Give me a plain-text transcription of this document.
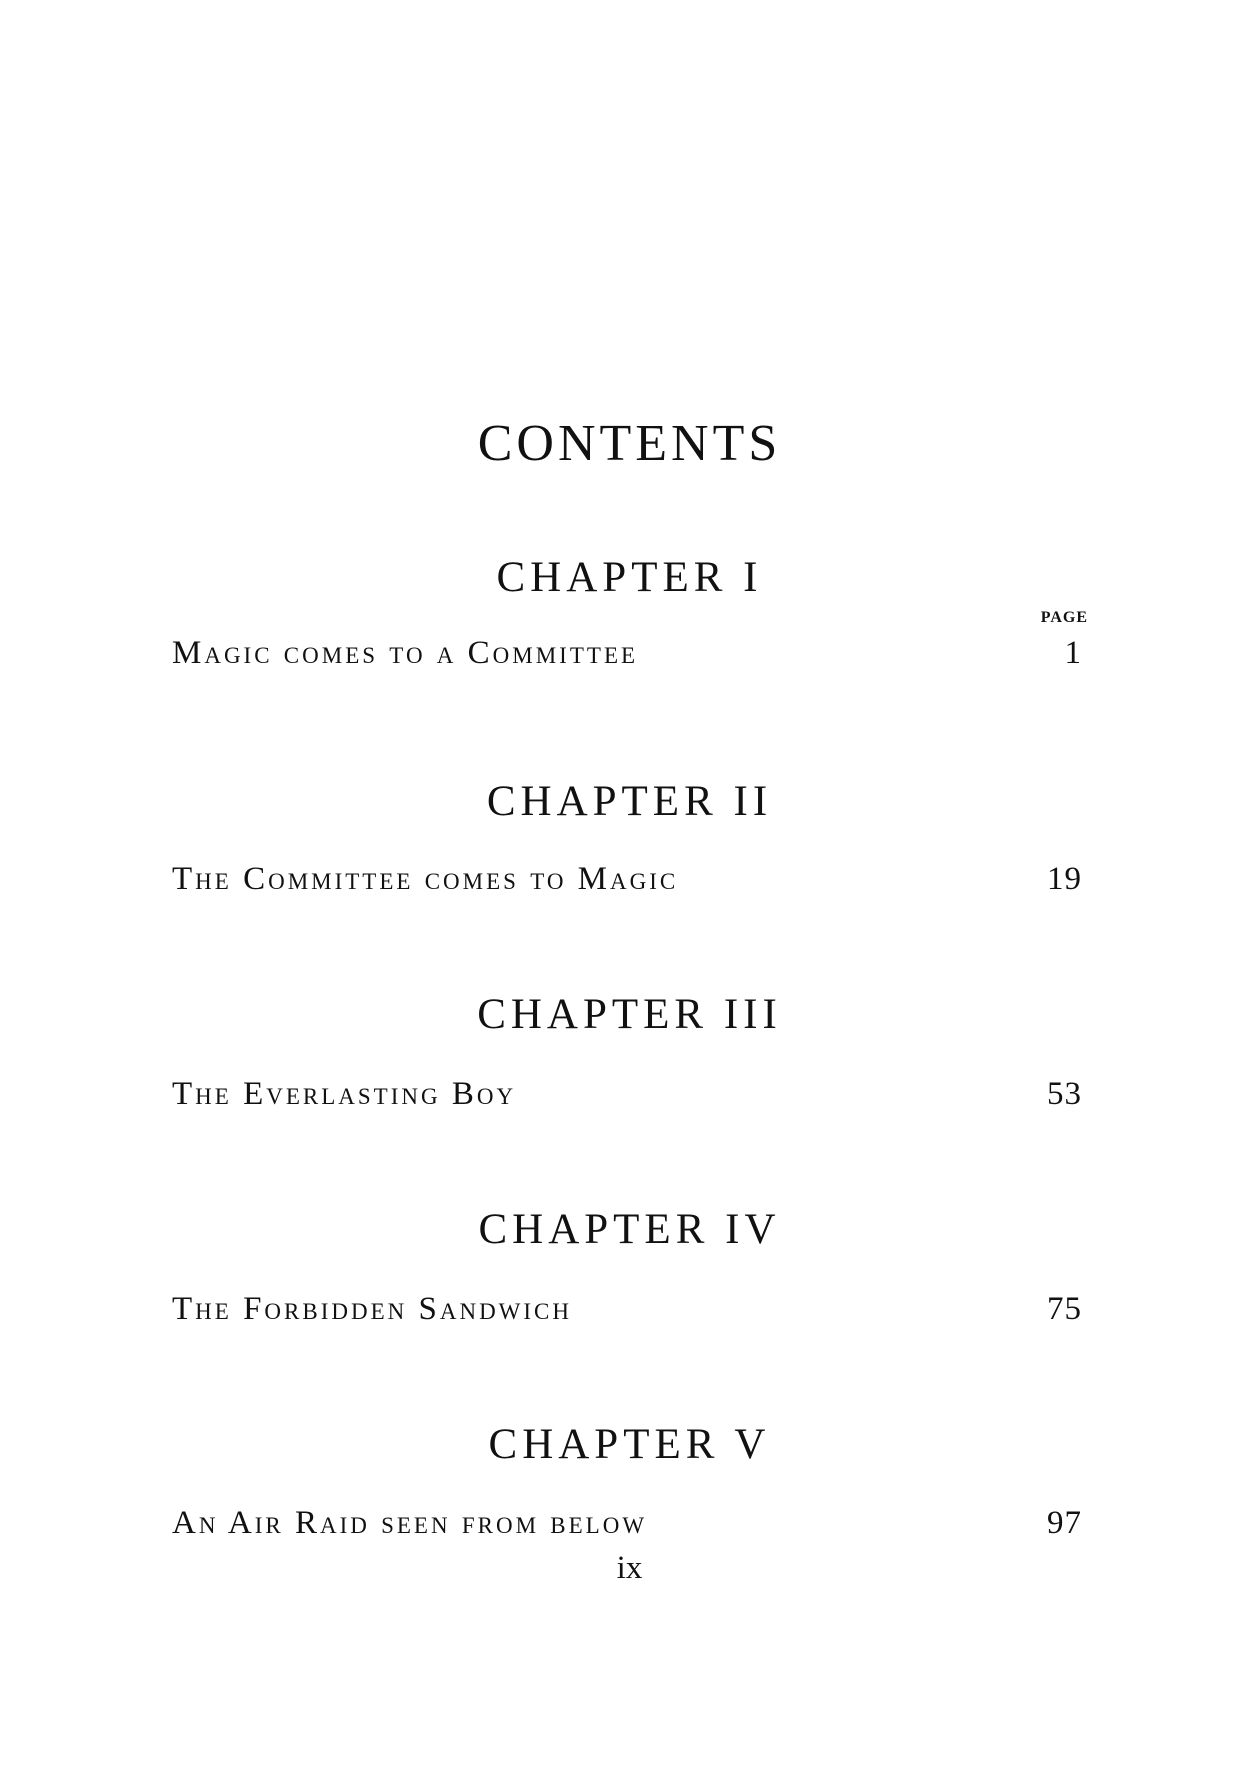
CONTENTS
CHAPTER I
PAGE
Magic comes to a Committee	1
CHAPTER II
The Committee comes to Magic	19
CHAPTER III
The Everlasting Boy	53
CHAPTER IV
The Forbidden Sandwich	75
CHAPTER V
An Air Raid seen from below	97
ix
